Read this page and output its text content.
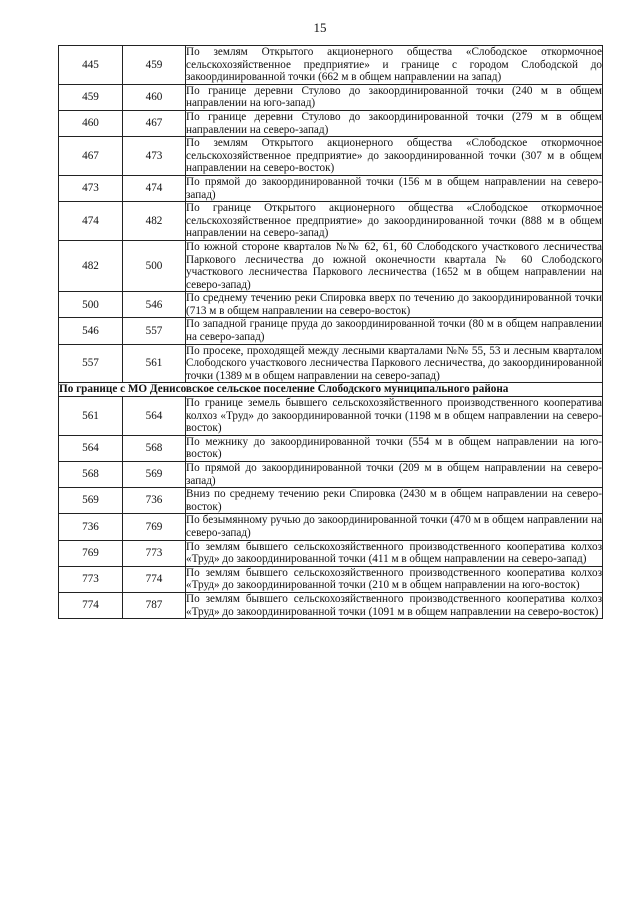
15
445	459	По землям Открытого акционерного общества «Слободское откормочное сельскохозяйственное предприятие» и границе с городом Слободской до закоординированной точки (662 м в общем направлении на запад)
459	460	По границе деревни Стулово до закоординированной точки (240 м в общем направлении на юго-запад)
460	467	По границе деревни Стулово до закоординированной точки (279 м в общем направлении на северо-запад)
467	473	По землям Открытого акционерного общества «Слободское откормочное сельскохозяйственное предприятие» до закоординированной точки (307 м в общем направлении на северо-восток)
473	474	По прямой до закоординированной точки (156 м в общем направлении на северо-запад)
474	482	По границе Открытого акционерного общества «Слободское откормочное сельскохозяйственное предприятие» до закоординированной точки (888 м в общем направлении на северо-запад)
482	500	По южной стороне кварталов №№ 62, 61, 60 Слободского участкового лесничества Паркового лесничества до южной оконечности квартала № 60 Слободского участкового лесничества Паркового лесничества (1652 м в общем направлении на северо-запад)
500	546	По среднему течению реки Спировка вверх по течению до закоординированной точки (713 м в общем направлении на северо-восток)
546	557	По западной границе пруда до закоординированной точки (80 м в общем направлении на северо-запад)
557	561	По просеке, проходящей между лесными кварталами №№ 55, 53 и лесным кварталом Слободского участкового лесничества Паркового лесничества, до закоординированной точки (1389 м в общем направлении на северо-запад)
По границе с МО Денисовское сельское поселение Слободского муниципального района		
561	564	По границе земель бывшего сельскохозяйственного производственного кооператива колхоз «Труд» до закоординированной точки (1198 м в общем направлении на северо-восток)
564	568	По межнику до закоординированной точки (554 м в общем направлении на юго-восток)
568	569	По прямой до закоординированной точки (209 м в общем направлении на северо-запад)
569	736	Вниз по среднему течению реки Спировка (2430 м в общем направлении на северо-восток)
736	769	По безымянному ручью до закоординированной точки (470 м в общем направлении на северо-запад)
769	773	По землям бывшего сельскохозяйственного производственного кооператива колхоз «Труд» до закоординированной точки (411 м в общем направлении на северо-запад)
773	774	По землям бывшего сельскохозяйственного производственного кооператива колхоз «Труд» до закоординированной точки (210 м в общем направлении на юго-восток)
774	787	По землям бывшего сельскохозяйственного производственного кооператива колхоз «Труд» до закоординированной точки (1091 м в общем направлении на северо-восток)
